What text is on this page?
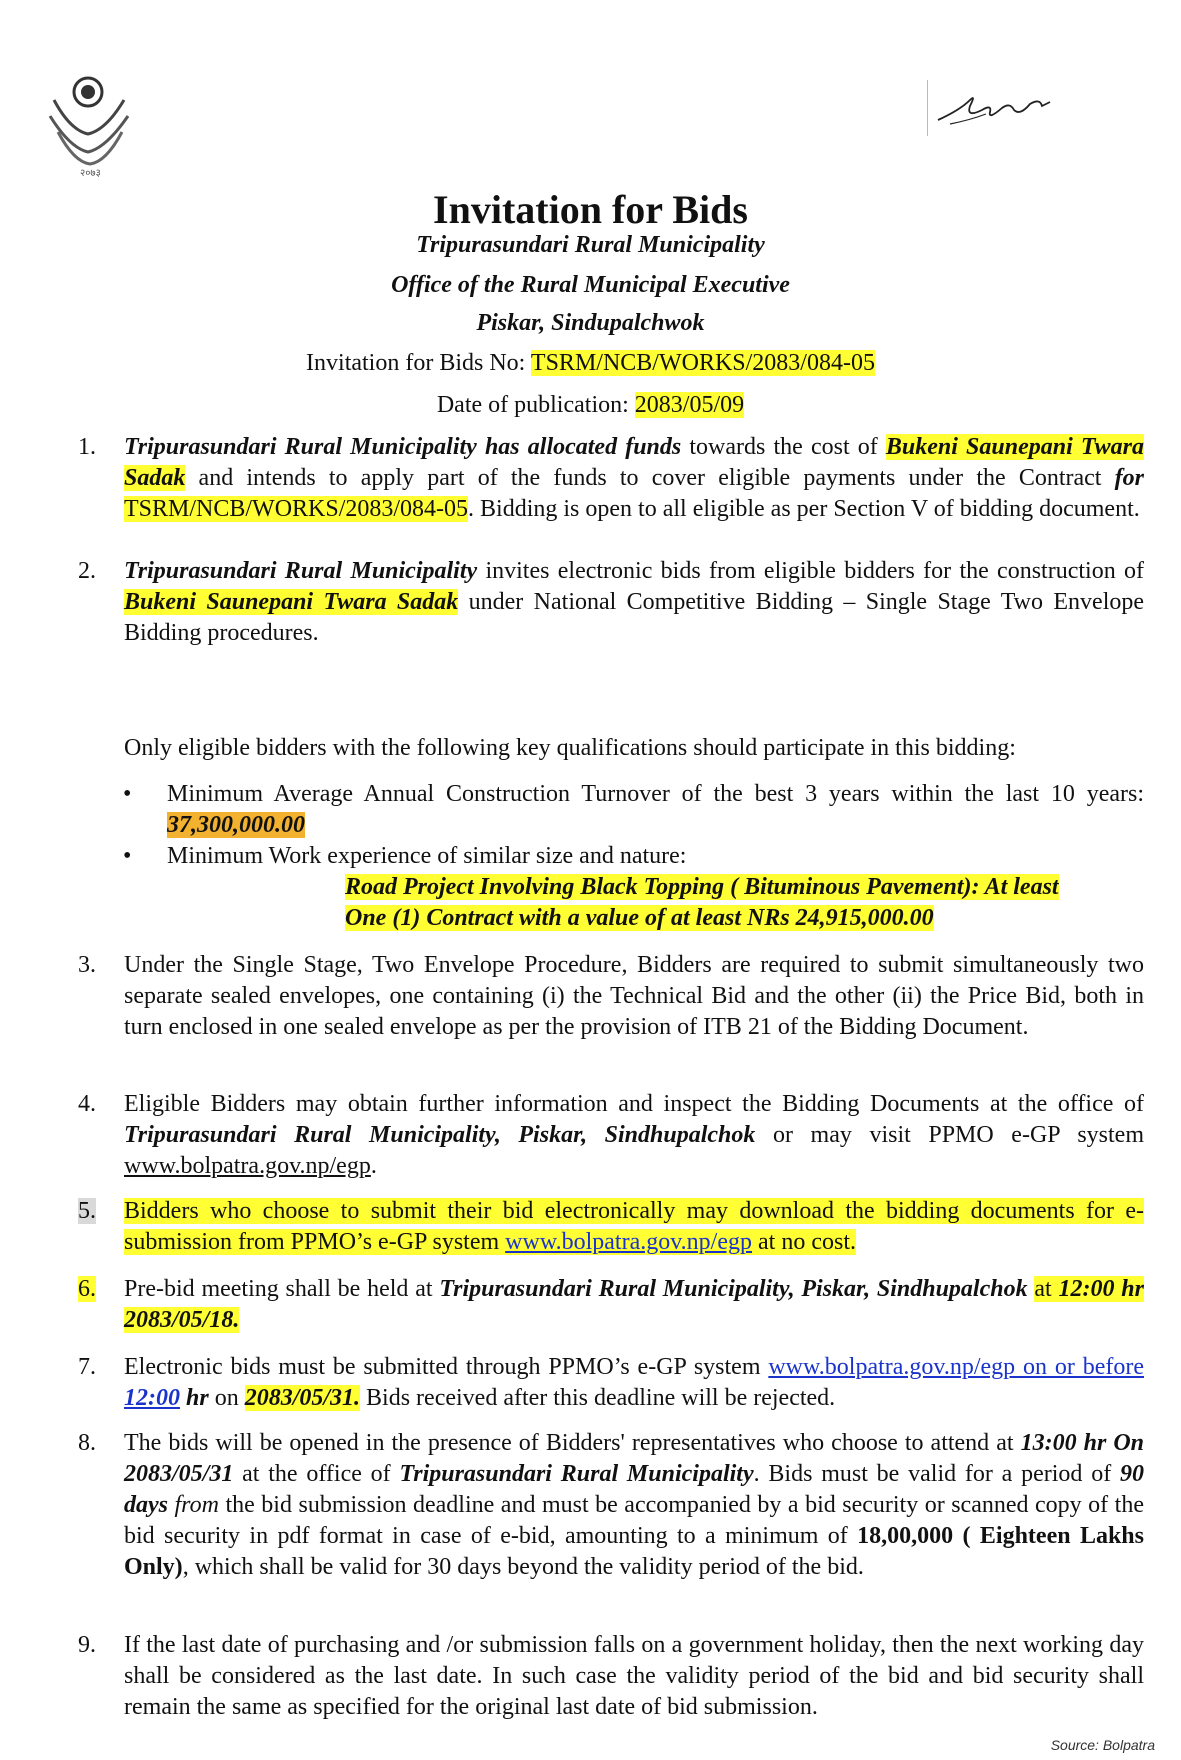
२०७३
Invitation for Bids
Tripurasundari Rural Municipality
Office of the Rural Municipal Executive
Piskar, Sindupalchwok
Invitation for Bids No: TSRM/NCB/WORKS/2083/084-05
Date of publication: 2083/05/09
1.	Tripurasundari Rural Municipality has allocated funds towards the cost of Bukeni Saunepani Twara Sadak and intends to apply part of the funds to cover eligible payments under the Contract for TSRM/NCB/WORKS/2083/084-05. Bidding is open to all eligible as per Section V of bidding document.
2.	Tripurasundari Rural Municipality invites electronic bids from eligible bidders for the construction of Bukeni Saunepani Twara Sadak under National Competitive Bidding – Single Stage Two Envelope Bidding procedures.
Only eligible bidders with the following key qualifications should participate in this bidding:
• Minimum Average Annual Construction Turnover of the best 3 years within the last 10 years: 37,300,000.00
• Minimum Work experience of similar size and nature:
Road Project Involving Black Topping ( Bituminous Pavement): At least One (1) Contract with a value of at least NRs 24,915,000.00
3.	Under the Single Stage, Two Envelope Procedure, Bidders are required to submit simultaneously two separate sealed envelopes, one containing (i) the Technical Bid and the other (ii) the Price Bid, both in turn enclosed in one sealed envelope as per the provision of ITB 21 of the Bidding Document.
4.	Eligible Bidders may obtain further information and inspect the Bidding Documents at the office of Tripurasundari Rural Municipality, Piskar, Sindhupalchok or may visit PPMO e-GP system www.bolpatra.gov.np/egp.
5.	Bidders who choose to submit their bid electronically may download the bidding documents for e-submission from PPMO’s e-GP system www.bolpatra.gov.np/egp at no cost.
6.	Pre-bid meeting shall be held at Tripurasundari Rural Municipality, Piskar, Sindhupalchok at 12:00 hr 2083/05/18.
7.	Electronic bids must be submitted through PPMO’s e-GP system www.bolpatra.gov.np/egp on or before 12:00 hr on 2083/05/31. Bids received after this deadline will be rejected.
8.	The bids will be opened in the presence of Bidders' representatives who choose to attend at 13:00 hr On 2083/05/31 at the office of Tripurasundari Rural Municipality. Bids must be valid for a period of 90 days from the bid submission deadline and must be accompanied by a bid security or scanned copy of the bid security in pdf format in case of e-bid, amounting to a minimum of 18,00,000 ( Eighteen Lakhs Only), which shall be valid for 30 days beyond the validity period of the bid.
9.	If the last date of purchasing and /or submission falls on a government holiday, then the next working day shall be considered as the last date. In such case the validity period of the bid and bid security shall remain the same as specified for the original last date of bid submission.
Source: Bolpatra
